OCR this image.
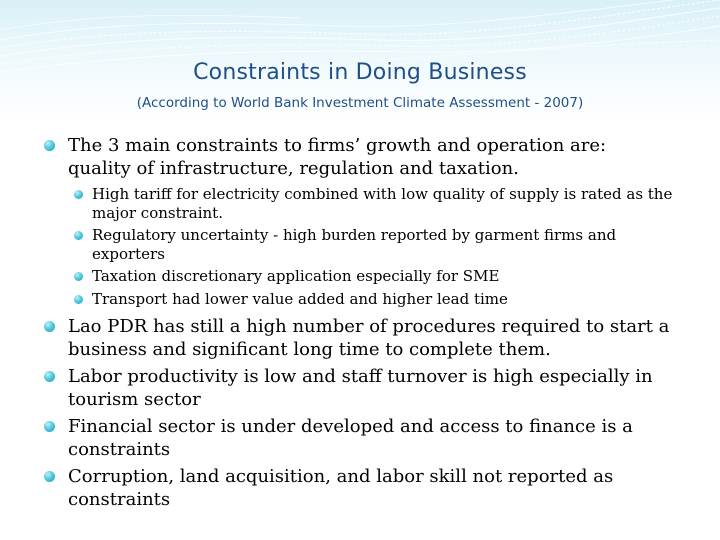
Constraints in Doing Business
(According to World Bank Investment Climate Assessment - 2007)
The 3 main constraints to firms’ growth and operation are: quality of infrastructure, regulation and taxation.
High tariff for electricity combined with low quality of supply is rated as the major constraint.
Regulatory uncertainty - high burden reported by garment firms and exporters
Taxation discretionary application especially for SME
Transport had lower value added and higher lead time
Lao PDR has still a high number of procedures required to start a business and significant long time to complete them.
Labor productivity is low and staff turnover is high especially in tourism sector
Financial sector is under developed and access to finance is a constraints
Corruption, land acquisition, and labor skill not reported as constraints
